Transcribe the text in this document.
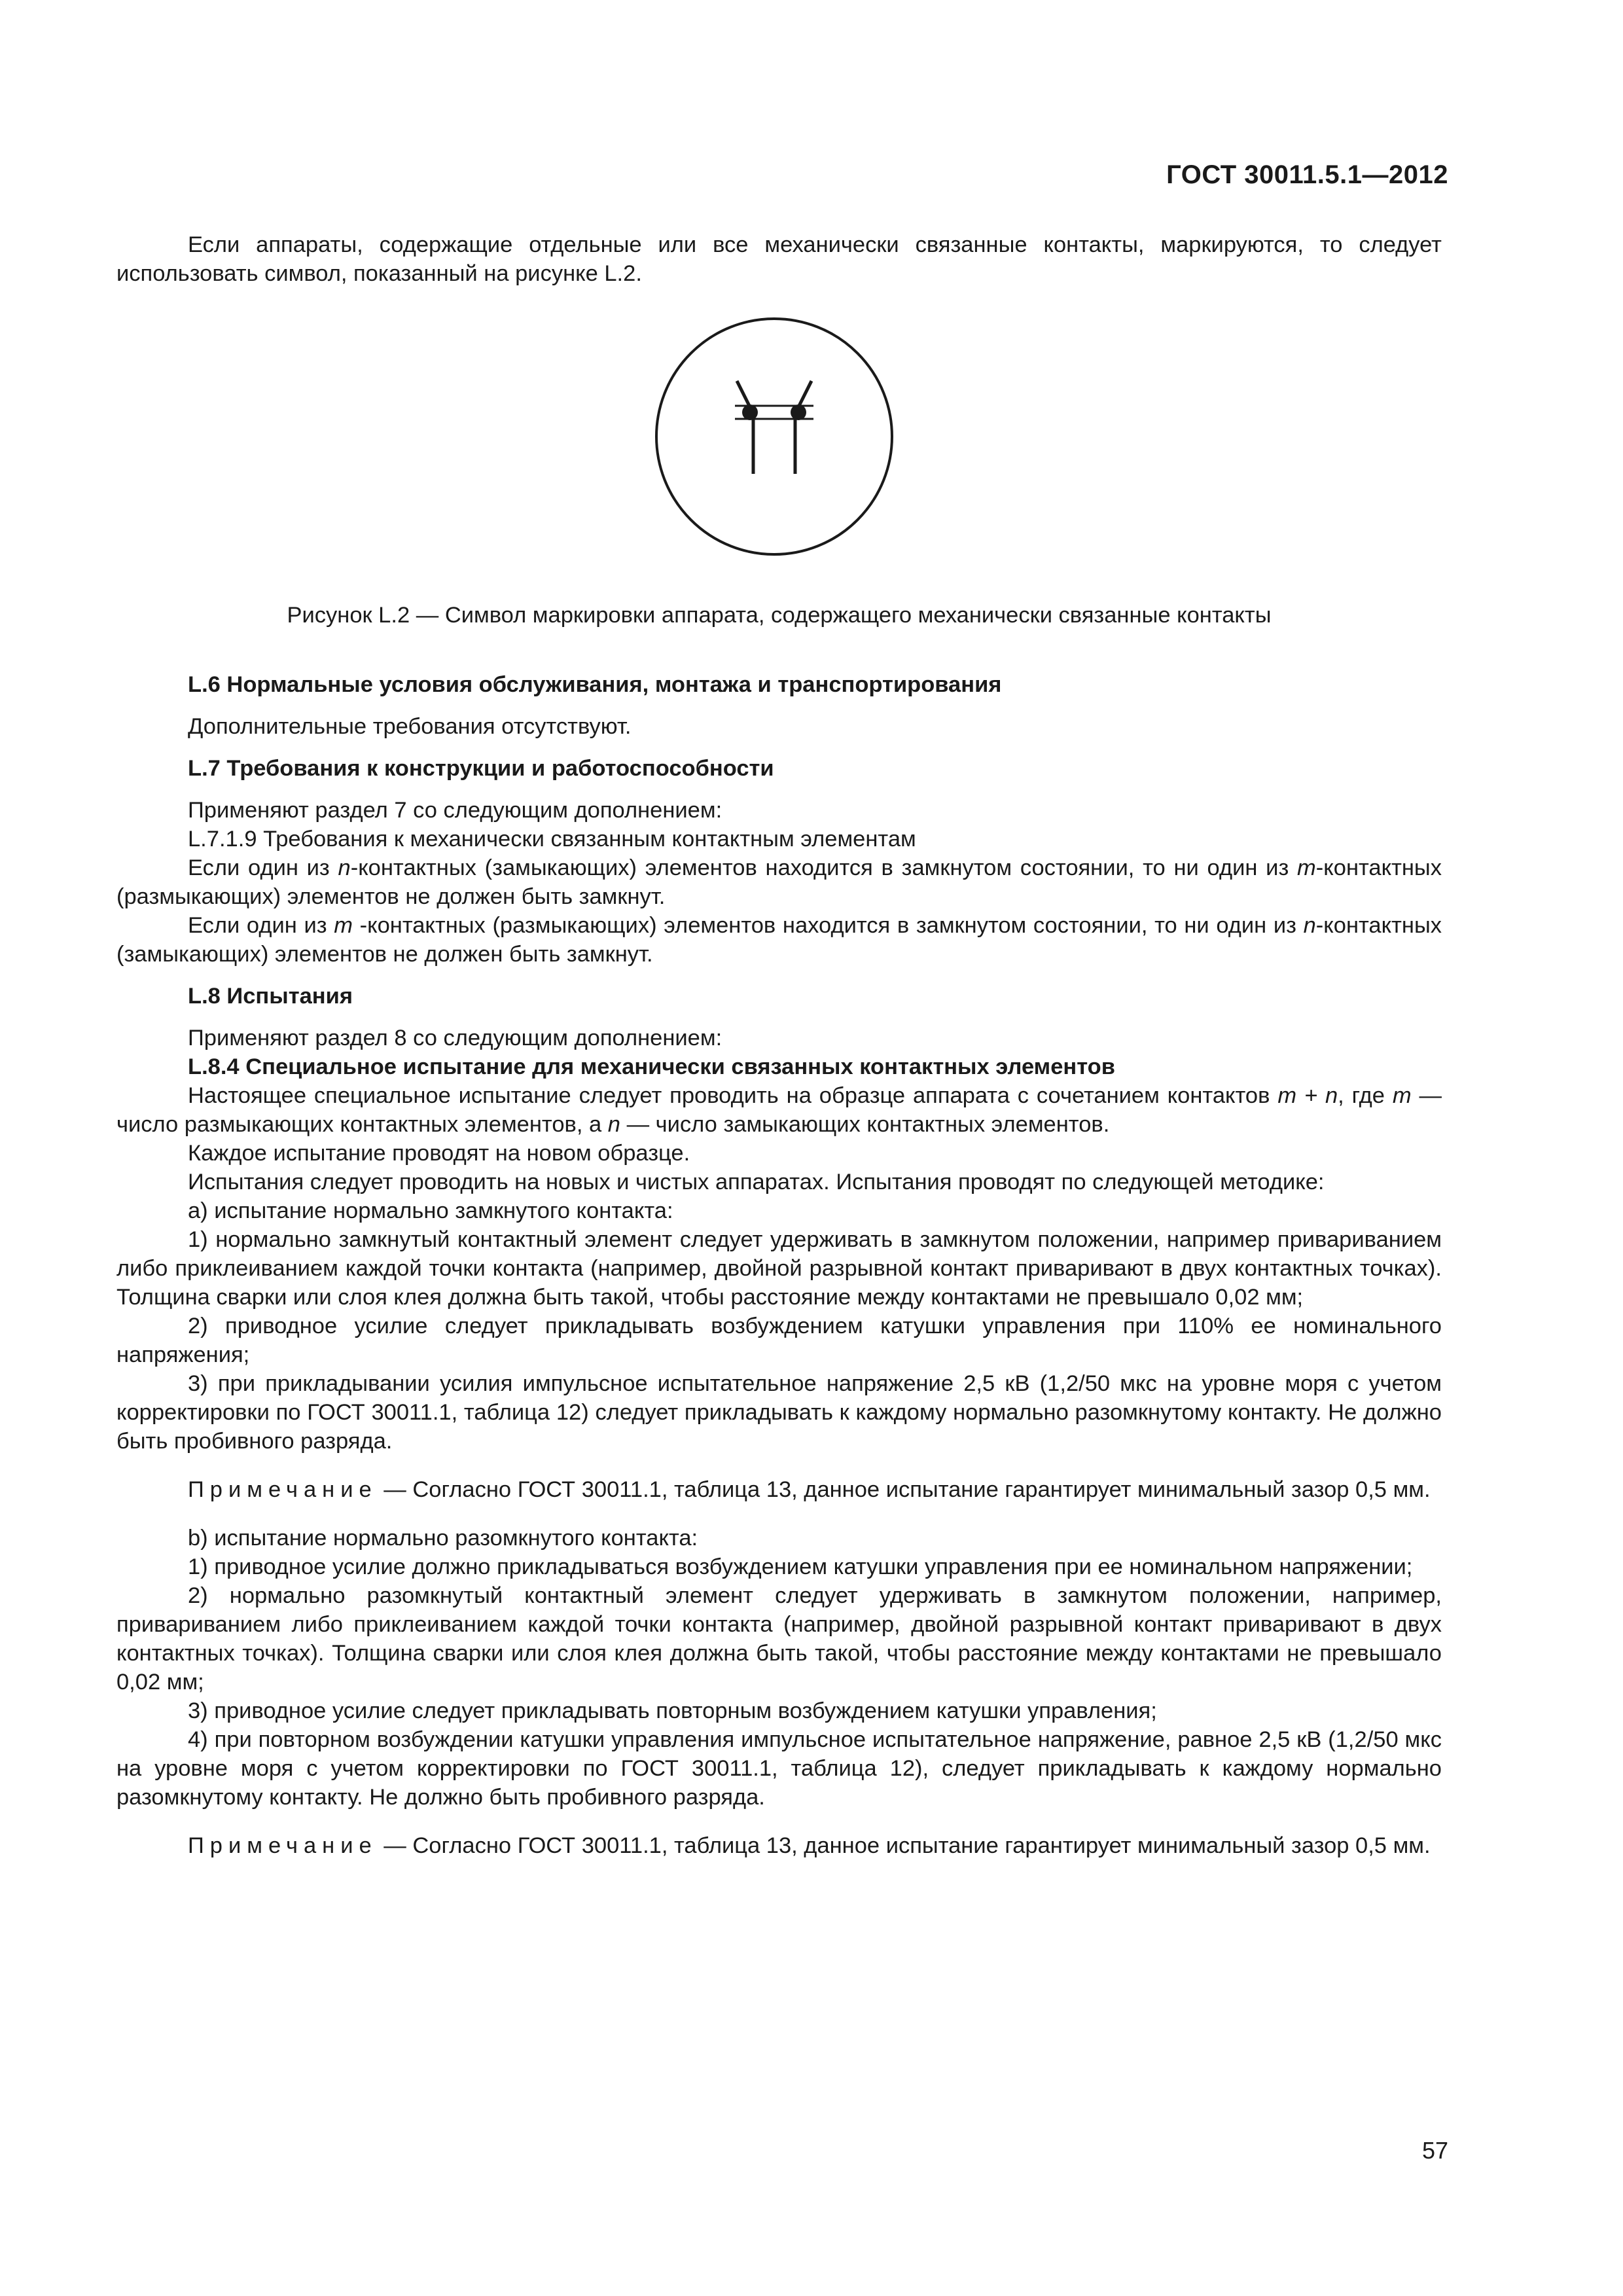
ГОСТ 30011.5.1—2012

Если аппараты, содержащие отдельные или все механически связанные контакты, маркируются, то следует использовать символ, показанный на рисунке L.2.

Рисунок L.2 — Символ маркировки аппарата, содержащего механически связанные контакты

L.6 Нормальные условия обслуживания, монтажа и транспортирования

Дополнительные требования отсутствуют.

L.7 Требования к конструкции и работоспособности

Применяют раздел 7 со следующим дополнением:

L.7.1.9 Требования к механически связанным контактным элементам

Если один из n-контактных (замыкающих) элементов находится в замкнутом состоянии, то ни один из m-контактных (размыкающих) элементов не должен быть замкнут.

Если один из m -контактных (размыкающих) элементов находится в замкнутом состоянии, то ни один из n-контактных (замыкающих) элементов не должен быть замкнут.

L.8 Испытания

Применяют раздел 8 со следующим дополнением:

L.8.4 Специальное испытание для механически связанных контактных элементов

Настоящее специальное испытание следует проводить на образце аппарата с сочетанием контактов m + n, где m — число размыкающих контактных элементов, а n — число замыкающих контактных элементов.

Каждое испытание проводят на новом образце.

Испытания следует проводить на новых и чистых аппаратах. Испытания проводят по следующей методике:

a) испытание нормально замкнутого контакта:

1) нормально замкнутый контактный элемент следует удерживать в замкнутом положении, например привариванием либо приклеиванием каждой точки контакта (например, двойной разрывной контакт приваривают в двух контактных точках). Толщина сварки или слоя клея должна быть такой, чтобы расстояние между контактами не превышало 0,02 мм;

2) приводное усилие следует прикладывать возбуждением катушки управления при 110% ее номинального напряжения;

3) при прикладывании усилия импульсное испытательное напряжение 2,5 кВ (1,2/50 мкс на уровне моря с учетом корректировки по ГОСТ 30011.1, таблица 12) следует прикладывать к каждому нормально разомкнутому контакту. Не должно быть пробивного разряда.

Примечание — Согласно ГОСТ 30011.1, таблица 13, данное испытание гарантирует минимальный зазор 0,5 мм.

b) испытание нормально разомкнутого контакта:

1) приводное усилие должно прикладываться возбуждением катушки управления при ее номинальном напряжении;

2) нормально разомкнутый контактный элемент следует удерживать в замкнутом положении, например, привариванием либо приклеиванием каждой точки контакта (например, двойной разрывной контакт приваривают в двух контактных точках). Толщина сварки или слоя клея должна быть такой, чтобы расстояние между контактами не превышало 0,02 мм;

3) приводное усилие следует прикладывать повторным возбуждением катушки управления;

4) при повторном возбуждении катушки управления импульсное испытательное напряжение, равное 2,5 кВ (1,2/50 мкс на уровне моря с учетом корректировки по ГОСТ 30011.1, таблица 12), следует прикладывать к каждому нормально разомкнутому контакту. Не должно быть пробивного разряда.

Примечание — Согласно ГОСТ 30011.1, таблица 13, данное испытание гарантирует минимальный зазор 0,5 мм.

57
